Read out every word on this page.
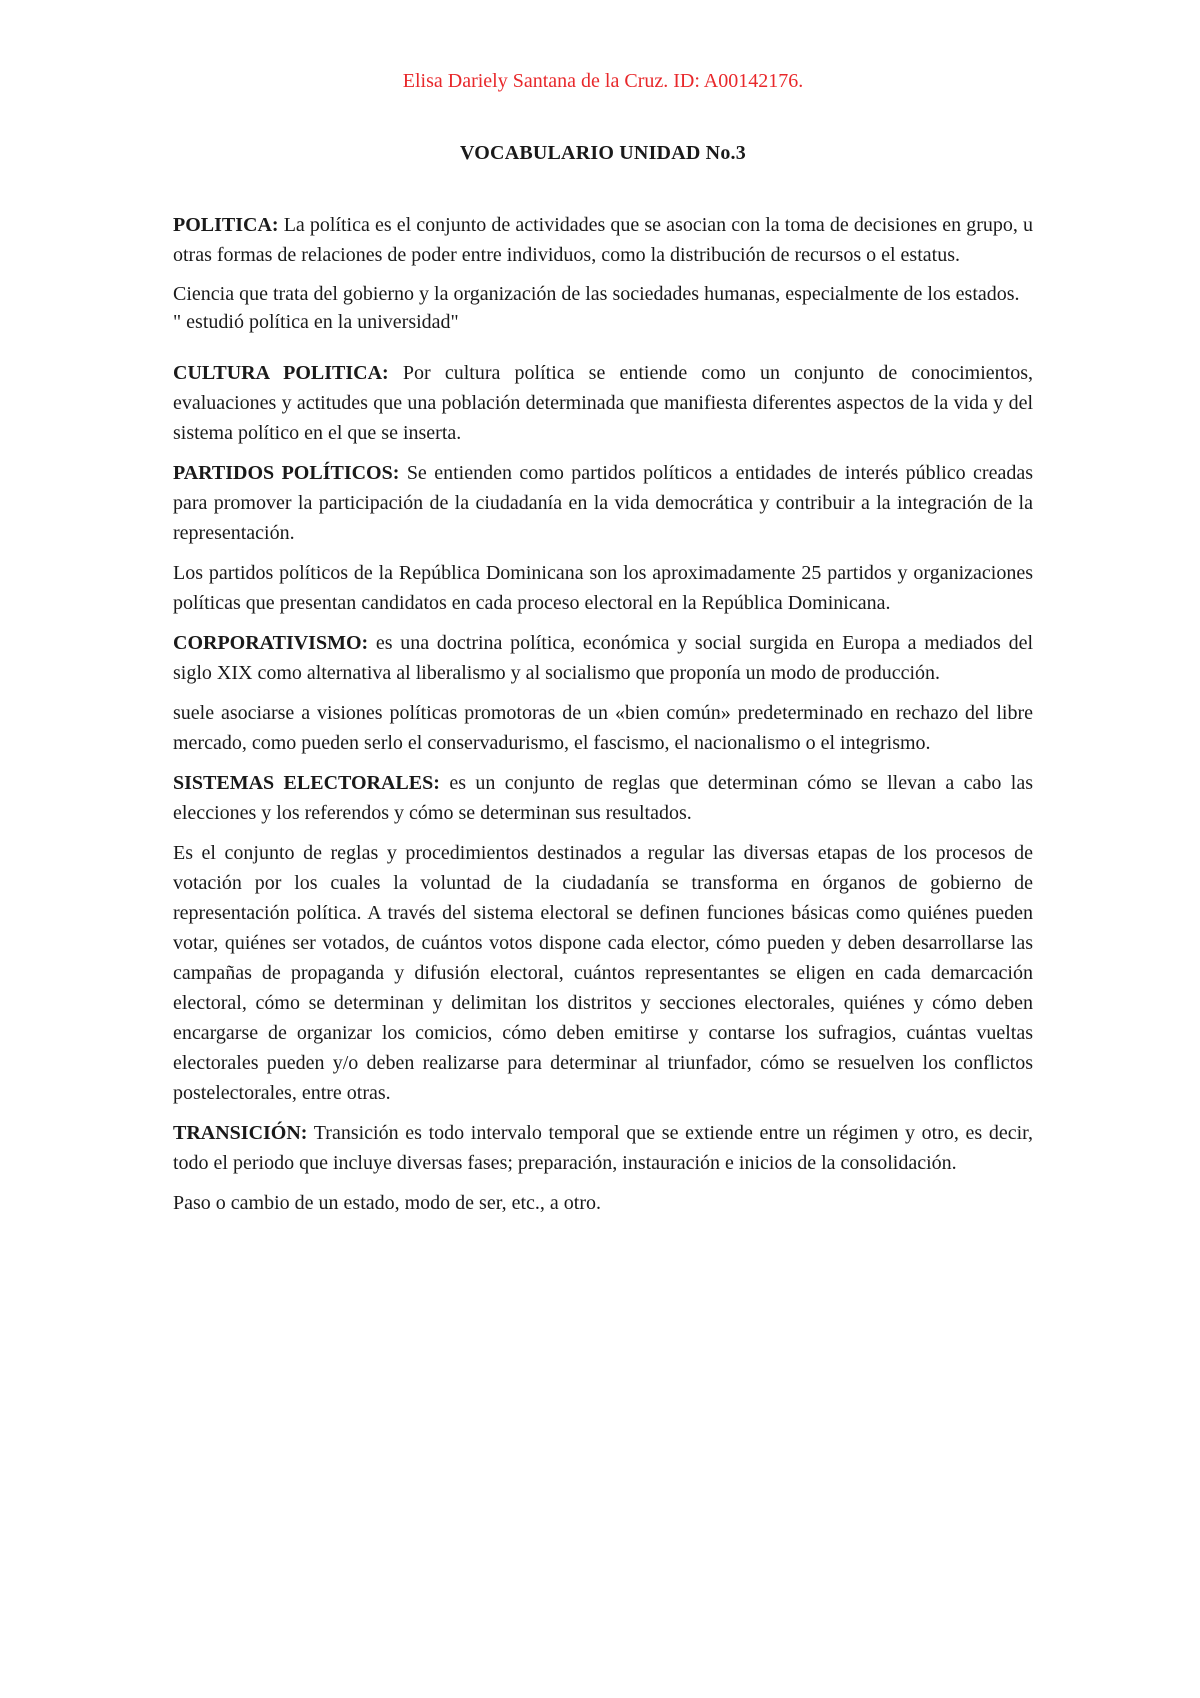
Elisa Dariely Santana de la Cruz. ID: A00142176.
VOCABULARIO UNIDAD No.3

POLITICA: La política es el conjunto de actividades que se asocian con la toma de decisiones en grupo, u otras formas de relaciones de poder entre individuos, como la distribución de recursos o el estatus.

Ciencia que trata del gobierno y la organización de las sociedades humanas, especialmente de los estados.

" estudió política en la universidad"

CULTURA POLITICA: Por cultura política se entiende como un conjunto de conocimientos, evaluaciones y actitudes que una población determinada que manifiesta diferentes aspectos de la vida y del sistema político en el que se inserta.

PARTIDOS POLÍTICOS: Se entienden como partidos políticos a entidades de interés público creadas para promover la participación de la ciudadanía en la vida democrática y contribuir a la integración de la representación.

Los partidos políticos de la República Dominicana son los aproximadamente 25 partidos y organizaciones políticas que presentan candidatos en cada proceso electoral en la República Dominicana.

CORPORATIVISMO: es una doctrina política, económica y social surgida en Europa a mediados del siglo XIX como alternativa al liberalismo y al socialismo que proponía un modo de producción.

suele asociarse a visiones políticas promotoras de un «bien común» predeterminado en rechazo del libre mercado, como pueden serlo el conservadurismo, el fascismo, el nacionalismo o el integrismo.

SISTEMAS ELECTORALES: es un conjunto de reglas que determinan cómo se llevan a cabo las elecciones y los referendos y cómo se determinan sus resultados.

Es el conjunto de reglas y procedimientos destinados a regular las diversas etapas de los procesos de votación por los cuales la voluntad de la ciudadanía se transforma en órganos de gobierno de representación política. A través del sistema electoral se definen funciones básicas como quiénes pueden votar, quiénes ser votados, de cuántos votos dispone cada elector, cómo pueden y deben desarrollarse las campañas de propaganda y difusión electoral, cuántos representantes se eligen en cada demarcación electoral, cómo se determinan y delimitan los distritos y secciones electorales, quiénes y cómo deben encargarse de organizar los comicios, cómo deben emitirse y contarse los sufragios, cuántas vueltas electorales pueden y/o deben realizarse para determinar al triunfador, cómo se resuelven los conflictos postelectorales, entre otras.

TRANSICIÓN: Transición es todo intervalo temporal que se extiende entre un régimen y otro, es decir, todo el periodo que incluye diversas fases; preparación, instauración e inicios de la consolidación.

Paso o cambio de un estado, modo de ser, etc., a otro.
